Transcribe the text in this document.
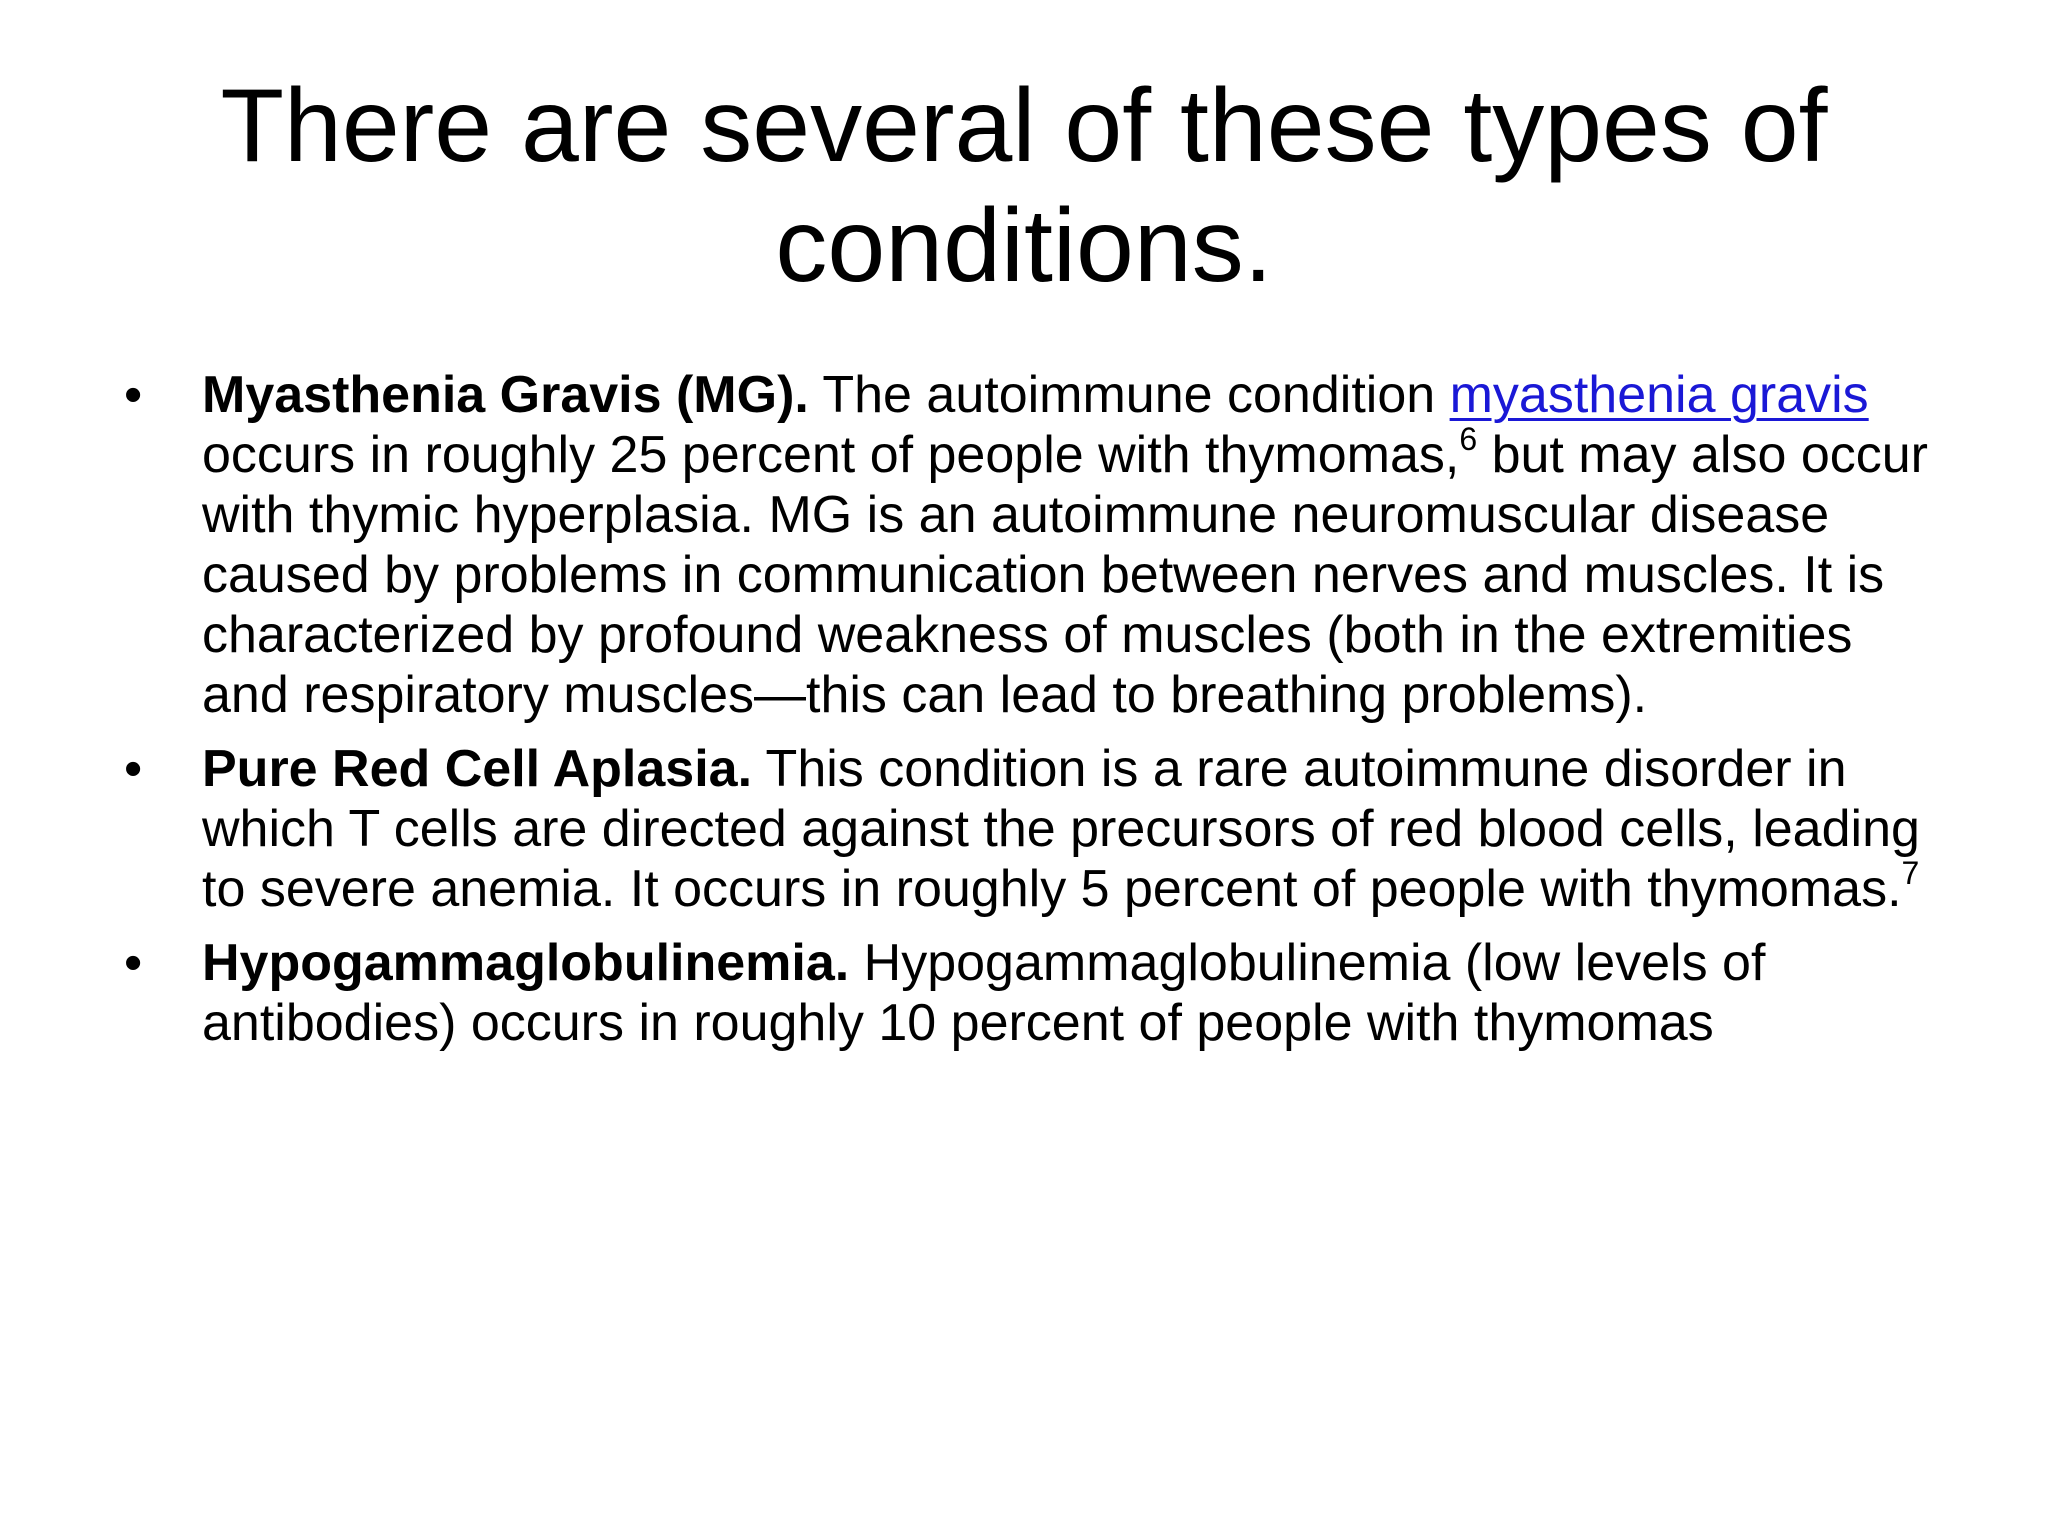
There are several of these types of conditions.
•	Myasthenia Gravis (MG). The autoimmune condition myasthenia gravis occurs in roughly 25 percent of people with thymomas,$^6$ but may also occur with thymic hyperplasia. MG is an autoimmune neuromuscular disease caused by problems in communication between nerves and muscles. It is characterized by profound weakness of muscles (both in the extremities and respiratory muscles—this can lead to breathing problems).
•	Pure Red Cell Aplasia. This condition is a rare autoimmune disorder in which T cells are directed against the precursors of red blood cells, leading to severe anemia. It occurs in roughly 5 percent of people with thymomas.$^7$
•	Hypogammaglobulinemia. Hypogammaglobulinemia (low levels of antibodies) occurs in roughly 10 percent of people with thymomas
